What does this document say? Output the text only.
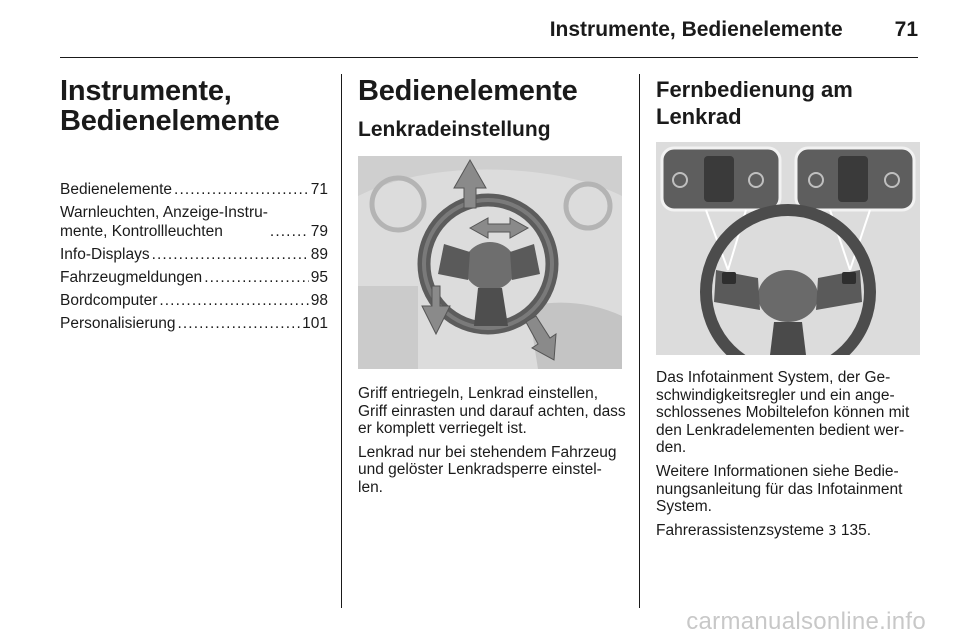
Instrumente, Bedienelemente 71
Instrumente, Bedienelemente
Bedienelemente . . .	71
Warnleuchten, Anzeige-Instru-
mente, Kontrollleuchten . . .	79
Info-Displays . . .	89
Fahrzeugmeldungen . . .	95
Bordcomputer . . .	98
Personalisierung . . .	101
Bedienelemente
Lenkradeinstellung

Griff entriegeln, Lenkrad einstellen, Griff einrasten und darauf achten, dass er komplett verriegelt ist.

Lenkrad nur bei stehendem Fahrzeug und gelöster Lenkradsperre einstel-len.

Fernbedienung am Lenkrad

Das Infotainment System, der Ge-schwindigkeitsregler und ein ange-schlossenes Mobiltelefon können mit den Lenkradelementen bedient wer-den.

Weitere Informationen siehe Bedie-nungsanleitung für das Infotainment System.

Fahrerassistenzsysteme 3 135.

carmanualsonline.info
